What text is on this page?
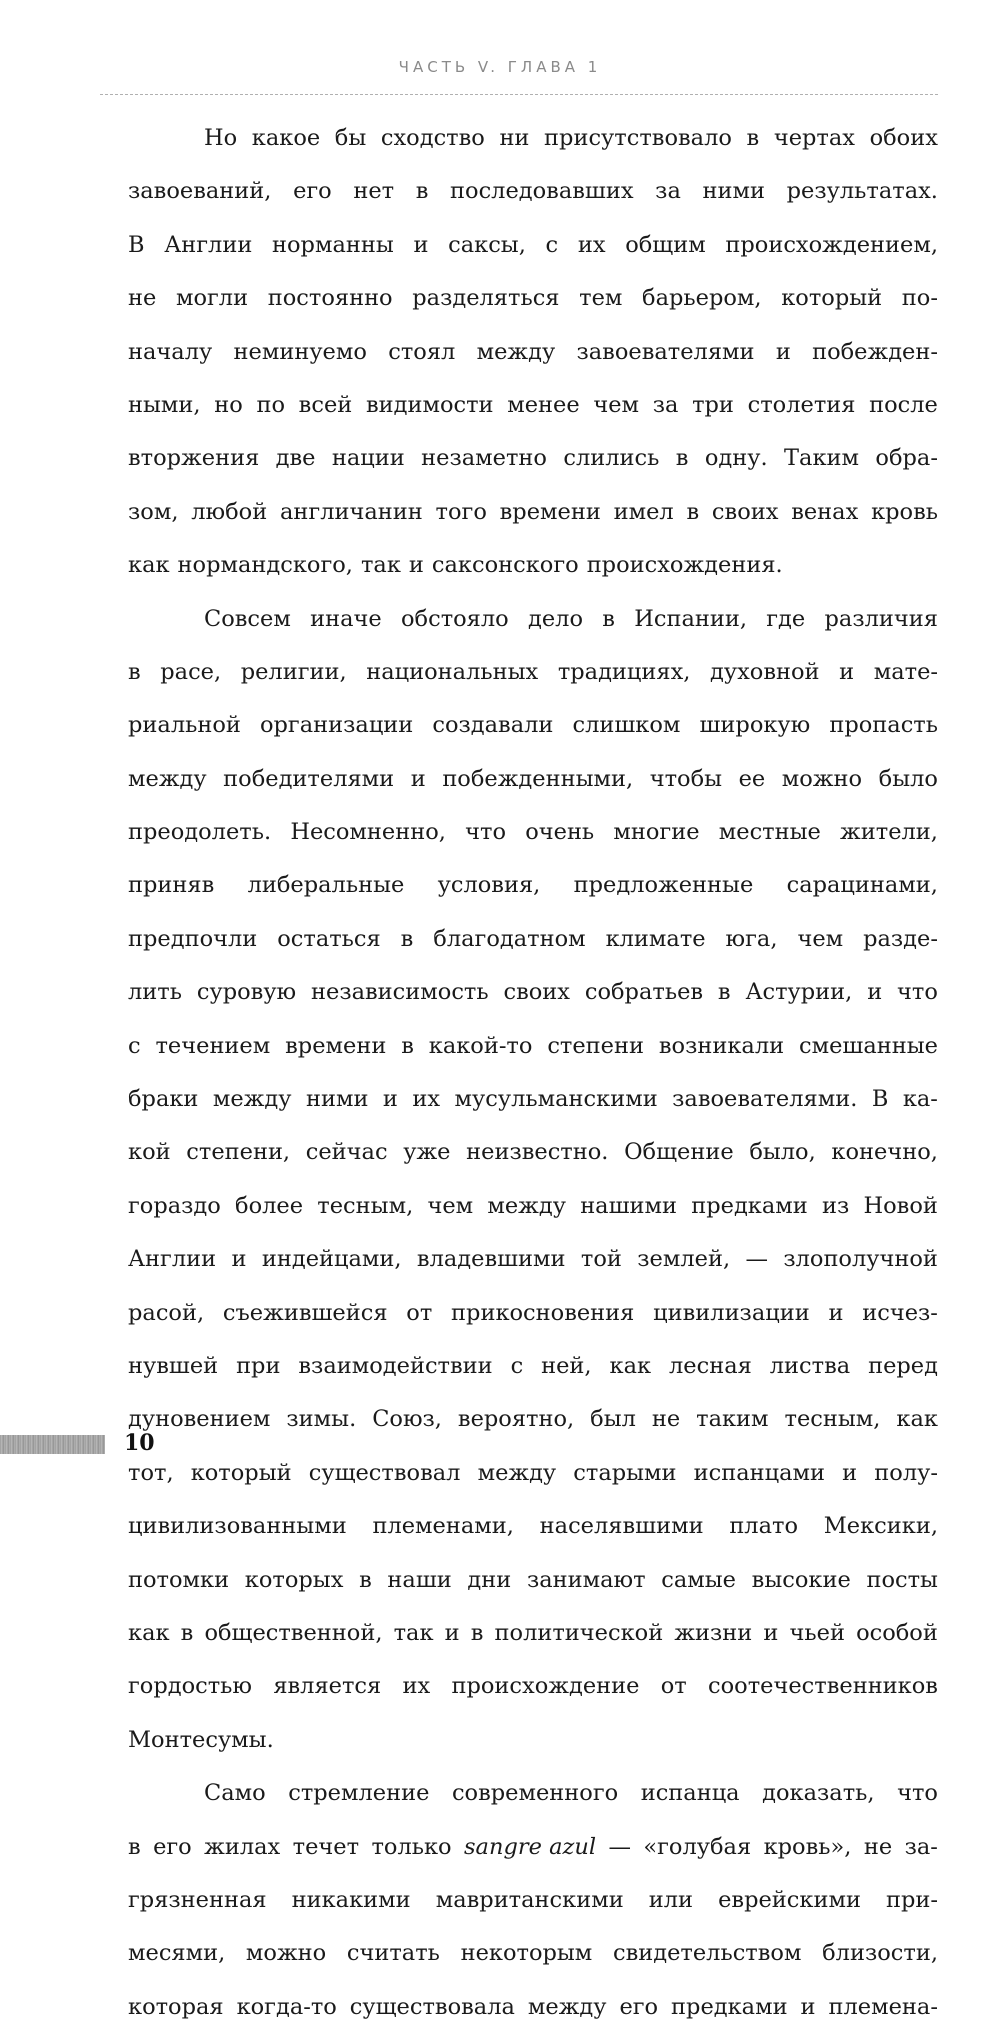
ЧАСТЬ V. ГЛАВА 1
Но какое бы сходство ни присутствовало в чертах обоих
завоеваний, его нет в последовавших за ними результатах.
В Англии норманны и саксы, с их общим происхождением,
не могли постоянно разделяться тем барьером, который по-
началу неминуемо стоял между завоевателями и побежден-
ными, но по всей видимости менее чем за три столетия после
вторжения две нации незаметно слились в одну. Таким обра-
зом, любой англичанин того времени имел в своих венах кровь
как нормандского, так и саксонского происхождения.
Совсем иначе обстояло дело в Испании, где различия
в расе, религии, национальных традициях, духовной и мате-
риальной организации создавали слишком широкую пропасть
между победителями и побежденными, чтобы ее можно было
преодолеть. Несомненно, что очень многие местные жители,
приняв либеральные условия, предложенные сарацинами,
предпочли остаться в благодатном климате юга, чем разде-
лить суровую независимость своих собратьев в Астурии, и что
с течением времени в какой-то степени возникали смешанные
браки между ними и их мусульманскими завоевателями. В ка-
кой степени, сейчас уже неизвестно. Общение было, конечно,
гораздо более тесным, чем между нашими предками из Новой
Англии и индейцами, владевшими той землей, — злополучной
расой, съежившейся от прикосновения цивилизации и исчез-
нувшей при взаимодействии с ней, как лесная листва перед
дуновением зимы. Союз, вероятно, был не таким тесным, как
тот, который существовал между старыми испанцами и полу-
цивилизованными племенами, населявшими плато Мексики,
потомки которых в наши дни занимают самые высокие посты
как в общественной, так и в политической жизни и чьей особой
гордостью является их происхождение от соотечественников
Монтесумы.
Само стремление современного испанца доказать, что
в его жилах течет только sangre azul — «голубая кровь», не за-
грязненная никакими мавританскими или еврейскими при-
месями, можно считать некоторым свидетельством близости,
которая когда-то существовала между его предками и племена-
10
